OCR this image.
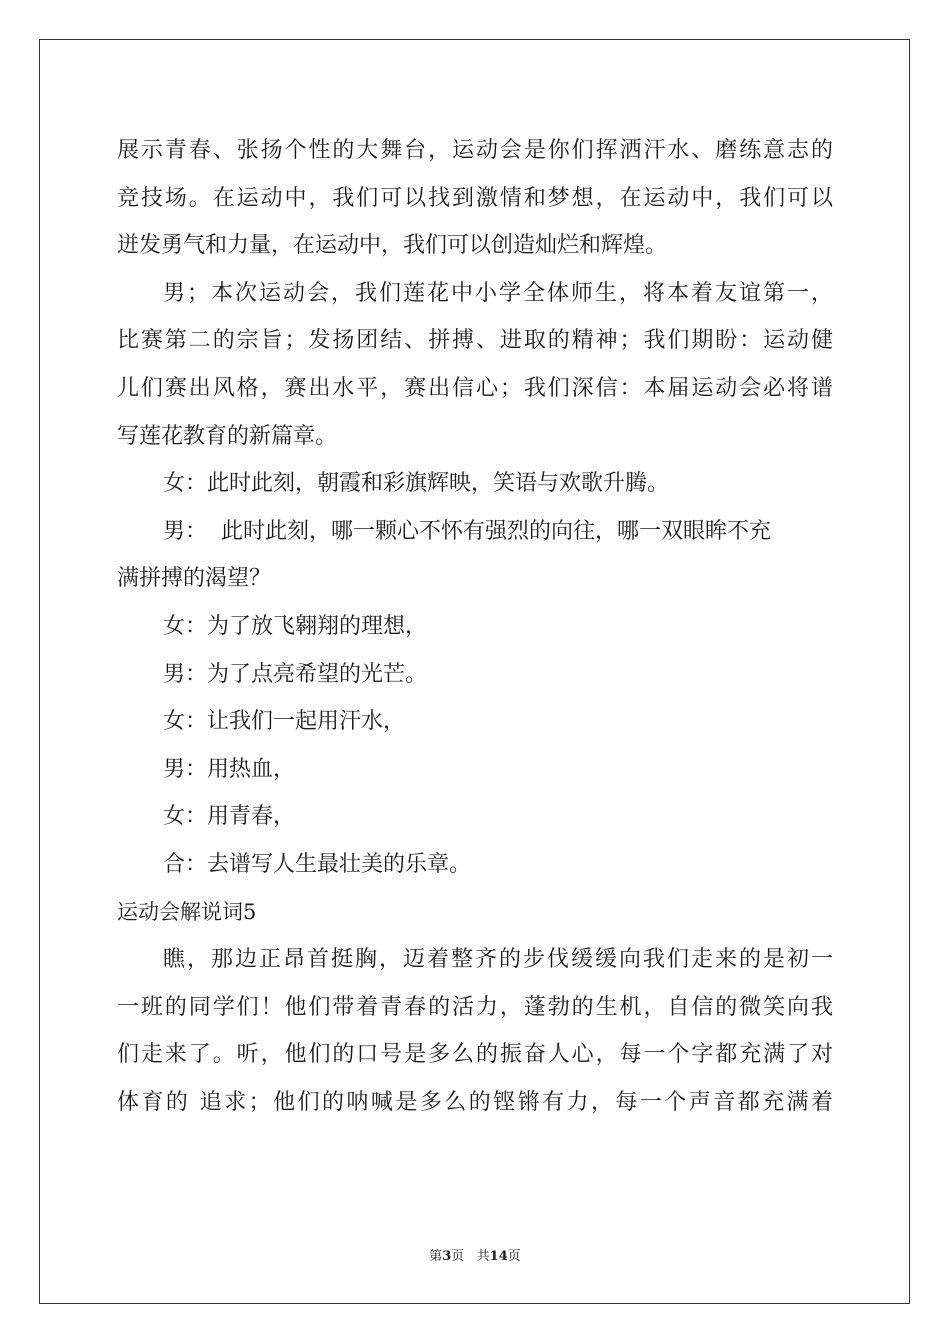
展示青春、张扬个性的大舞台，运动会是你们挥洒汗水、磨练意志的
竞技场。在运动中，我们可以找到激情和梦想，在运动中，我们可以
迸发勇气和力量，在运动中，我们可以创造灿烂和辉煌。
男；本次运动会，我们莲花中小学全体师生，将本着友谊第一，
比赛第二的宗旨；发扬团结、拼搏、进取的精神；我们期盼：运动健
儿们赛出风格，赛出水平，赛出信心；我们深信：本届运动会必将谱
写莲花教育的新篇章。
女：此时此刻，朝霞和彩旗辉映，笑语与欢歌升腾。
男：  此时此刻，哪一颗心不怀有强烈的向往，哪一双眼眸不充
满拼搏的渴望？
女：为了放飞翱翔的理想，
男：为了点亮希望的光芒。
女：让我们一起用汗水，
男：用热血，
女：用青春，
合：去谱写人生最壮美的乐章。
运动会解说词5
瞧，那边正昂首挺胸，迈着整齐的步伐缓缓向我们走来的是初一
一班的同学们！他们带着青春的活力，蓬勃的生机，自信的微笑向我
们走来了。听，他们的口号是多么的振奋人心，每一个字都充满了对
体育的 追求；他们的呐喊是多么的铿锵有力，每一个声音都充满着
第3页   共14页
